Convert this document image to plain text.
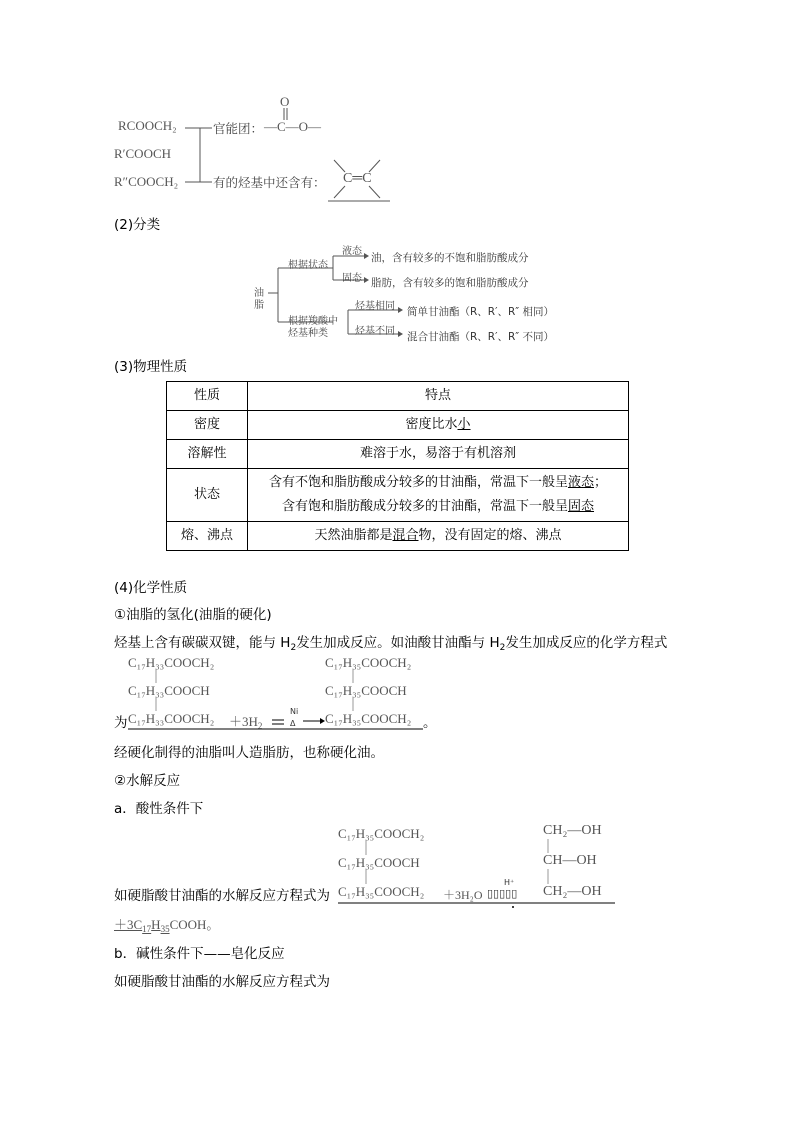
RCOOCH₂
R′COOCH
R″COOCH₂
官能团：
O
—C—O—
有的烃基中还含有： C═C
(2)分类
油
脂
根据状态
液态
油，含有较多的不饱和脂肪酸成分
固态 脂肪，含有较多的饱和脂肪酸成分
根据羧酸中
烃基种类
烃基相同 简单甘油酯（R、R′、R″ 相同）
烃基不同 混合甘油酯（R、R′、R″ 不同）
(3)物理性质
性质	特点
密度	密度比水小
溶解性	难溶于水，易溶于有机溶剂
状态	含有不饱和脂肪酸成分较多的甘油酯，常温下一般呈液态；
含有饱和脂肪酸成分较多的甘油酯，常温下一般呈固态
熔、沸点	天然油脂都是混合物，没有固定的熔、沸点
(4)化学性质
①油脂的氢化(油脂的硬化)
烃基上含有碳碳双键，能与 $H_2$发生加成反应。如油酸甘油酯与 $H_2$发生加成反应的化学方程式
C₁₇H₃₃COOCH₂
C₁₇H₃₃COOCH
为 C₁₇H₃₃COOCH₂ $+3H_2$
Ni
Δ
C₁₇H₃₅COOCH₂
C₁₇H₃₅COOCH
C₁₇H₃₅COOCH₂ 。
经硬化制得的油脂叫人造脂肪，也称硬化油。
②水解反应
a．酸性条件下
C₁₇H₃₅COOCH₂
C₁₇H₃₅COOCH
如硬脂酸甘油酯的水解反应方程式为 C₁₇H₃₅COOCH₂ ＋3H₂O
H⁺
▯▯▯▯▯
CH₂—OH
CH—OH
CH₂—OH
$+3C_{17}H_{35}COOH$。
b．碱性条件下——皂化反应
如硬脂酸甘油酯的水解反应方程式为
